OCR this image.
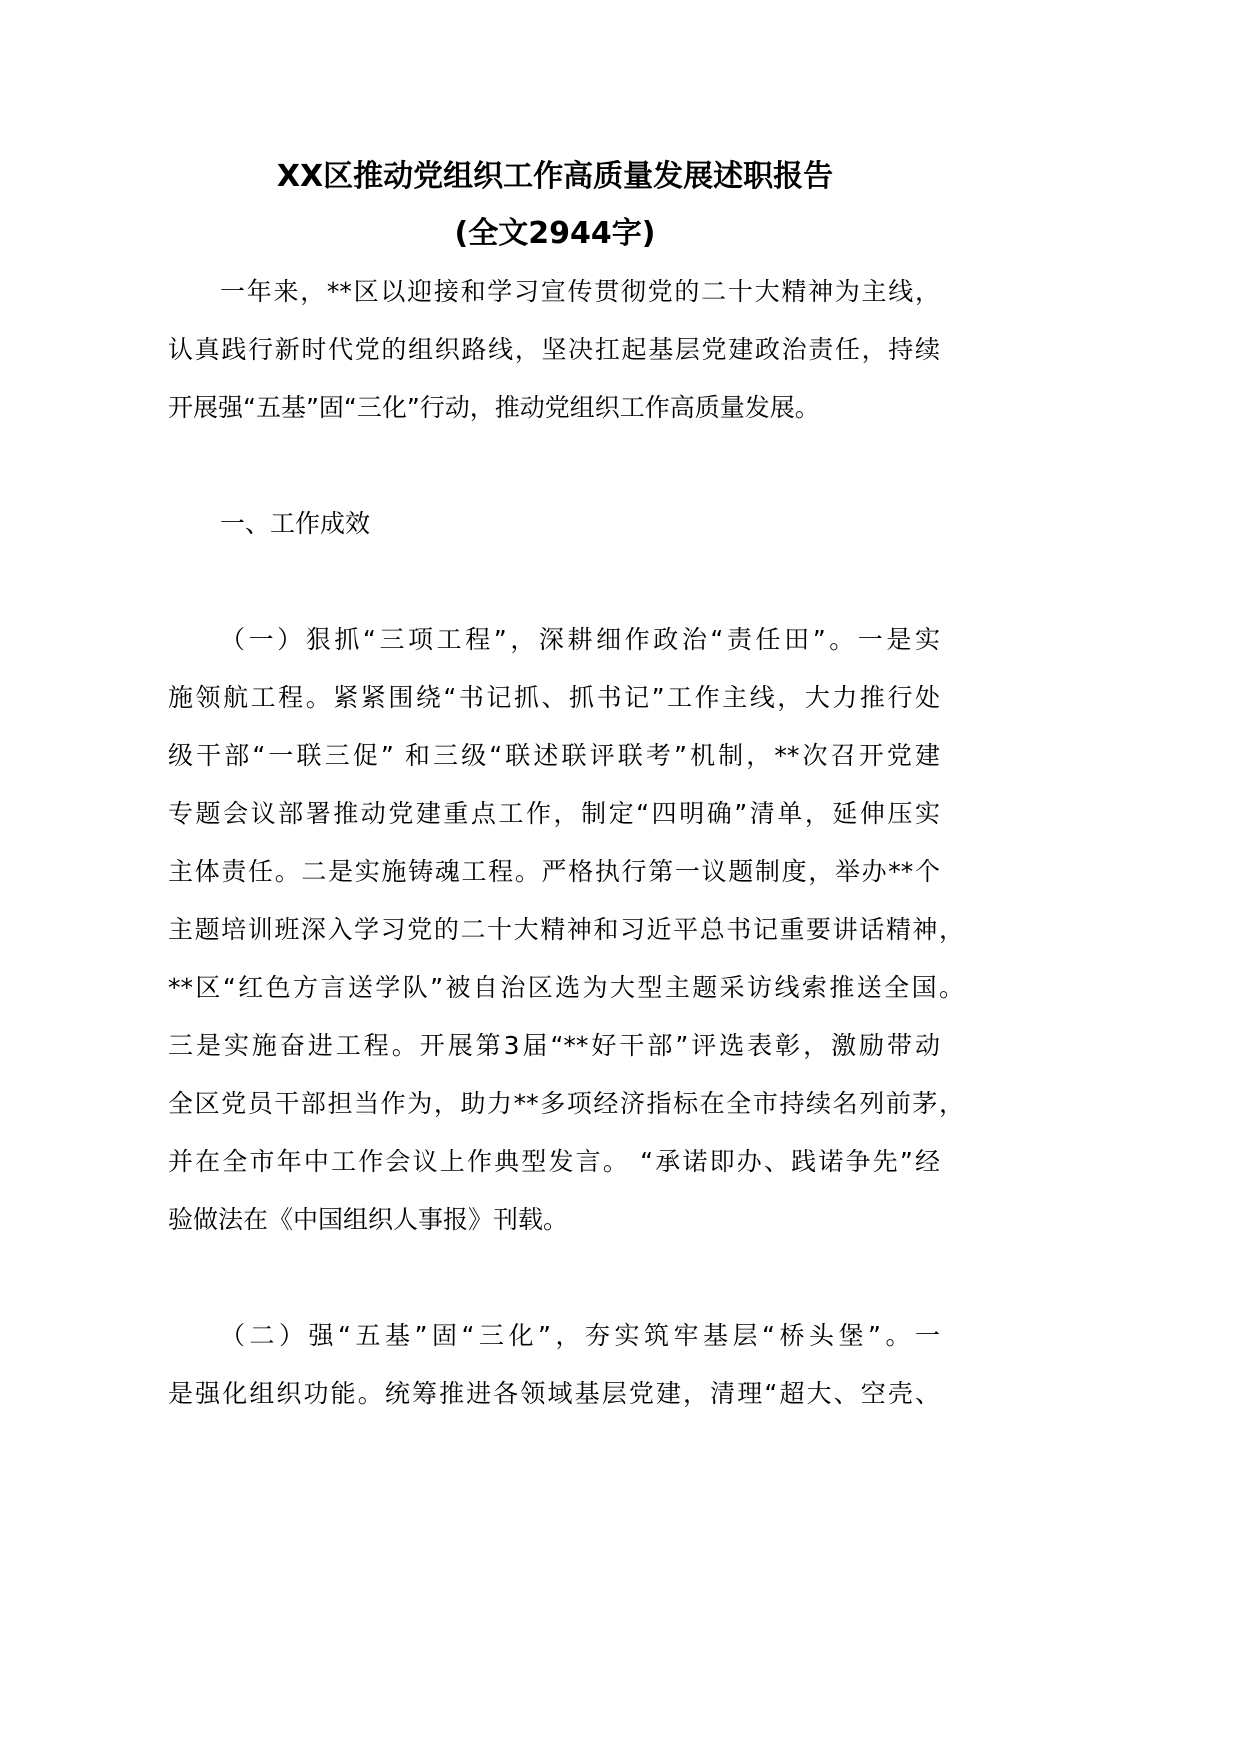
XX区推动党组织工作高质量发展述职报告
(全文2944字)
一年来，**区以迎接和学习宣传贯彻党的二十大精神为主线，
认真践行新时代党的组织路线，坚决扛起基层党建政治责任，持续
开展强“五基”固“三化”行动，推动党组织工作高质量发展。
一、工作成效
（一）狠抓“三项工程”，深耕细作政治“责任田”。一是实
施领航工程。紧紧围绕“书记抓、抓书记”工作主线，大力推行处
级干部“一联三促” 和三级“联述联评联考”机制，**次召开党建
专题会议部署推动党建重点工作，制定“四明确”清单，延伸压实
主体责任。二是实施铸魂工程。严格执行第一议题制度，举办**个
主题培训班深入学习党的二十大精神和习近平总书记重要讲话精神，
**区“红色方言送学队”被自治区选为大型主题采访线索推送全国。
三是实施奋进工程。开展第3届“**好干部”评选表彰，激励带动
全区党员干部担当作为，助力**多项经济指标在全市持续名列前茅，
并在全市年中工作会议上作典型发言。 “承诺即办、践诺争先”经
验做法在《中国组织人事报》刊载。
（二）强“五基”固“三化”，夯实筑牢基层“桥头堡”。一
是强化组织功能。统筹推进各领域基层党建，清理“超大、空壳、
